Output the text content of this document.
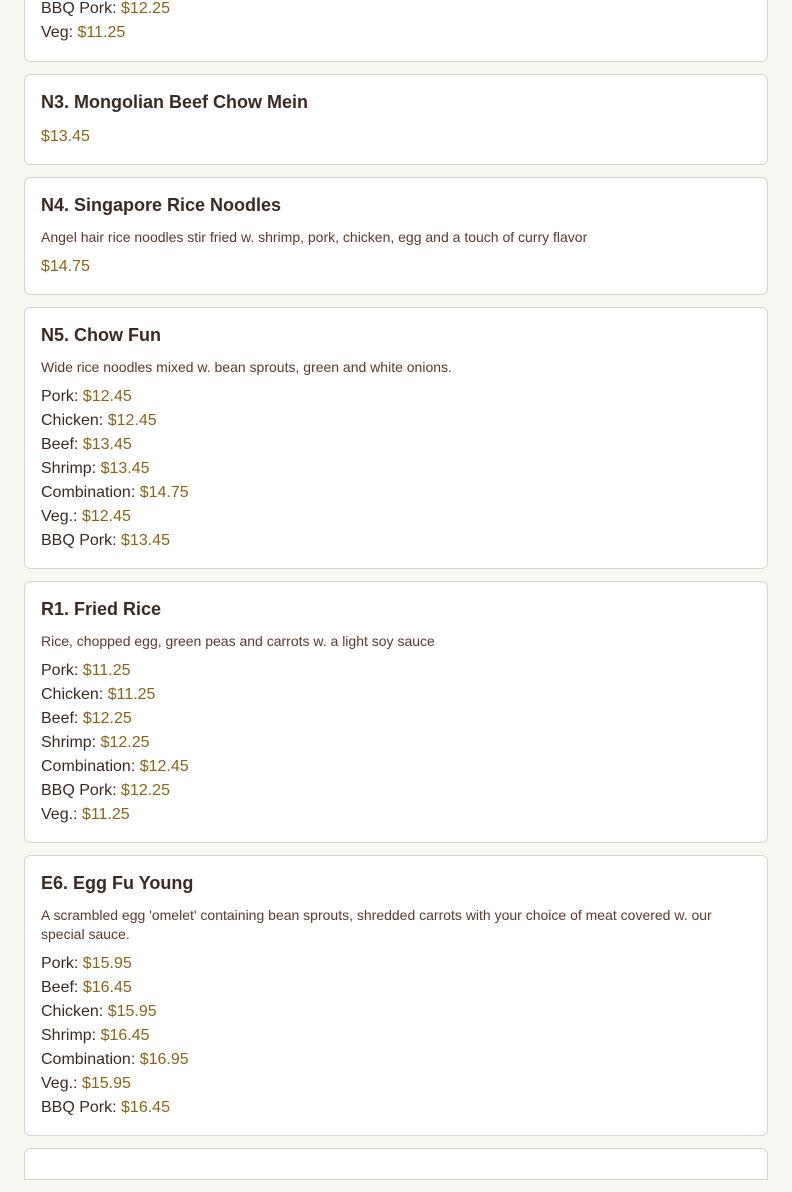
BBQ Pork: $12.25
Veg: $11.25
N3. Mongolian Beef Chow Mein
$13.45
N4. Singapore Rice Noodles
Angel hair rice noodles stir fried w. shrimp, pork, chicken, egg and a touch of curry flavor
$14.75
N5. Chow Fun
Wide rice noodles mixed w. bean sprouts, green and white onions.
Pork: $12.45
Chicken: $12.45
Beef: $13.45
Shrimp: $13.45
Combination: $14.75
Veg.: $12.45
BBQ Pork: $13.45
R1. Fried Rice
Rice, chopped egg, green peas and carrots w. a light soy sauce
Pork: $11.25
Chicken: $11.25
Beef: $12.25
Shrimp: $12.25
Combination: $12.45
BBQ Pork: $12.25
Veg.: $11.25
E6. Egg Fu Young
A scrambled egg 'omelet' containing bean sprouts, shredded carrots with your choice of meat covered w. our special sauce.
Pork: $15.95
Beef: $16.45
Chicken: $15.95
Shrimp: $16.45
Combination: $16.95
Veg.: $15.95
BBQ Pork: $16.45
